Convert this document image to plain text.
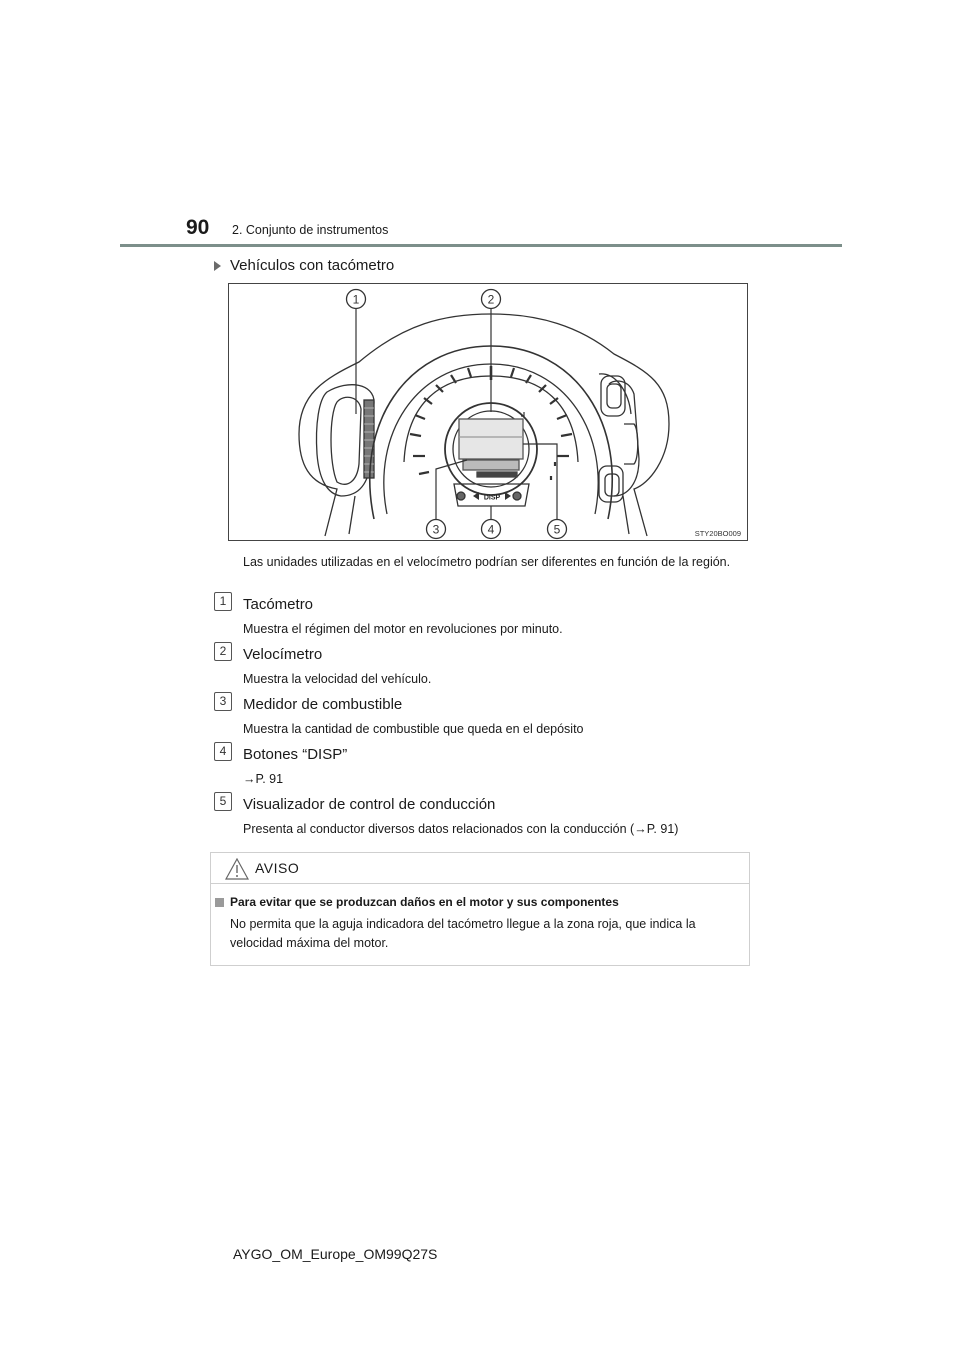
90 2. Conjunto de instrumentos
Vehículos con tacómetro
1	2
3	4	5
DISP
STY20BO009
Las unidades utilizadas en el velocímetro podrían ser diferentes en función de la región.
1	Tacómetro
Muestra el régimen del motor en revoluciones por minuto.
2	Velocímetro
Muestra la velocidad del vehículo.
3	Medidor de combustible
Muestra la cantidad de combustible que queda en el depósito
4	Botones “DISP”
→P. 91
5	Visualizador de control de conducción
Presenta al conductor diversos datos relacionados con la conducción (→P. 91)
AVISO
Para evitar que se produzcan daños en el motor y sus componentes
No permita que la aguja indicadora del tacómetro llegue a la zona roja, que indica la velocidad máxima del motor.
AYGO_OM_Europe_OM99Q27S
